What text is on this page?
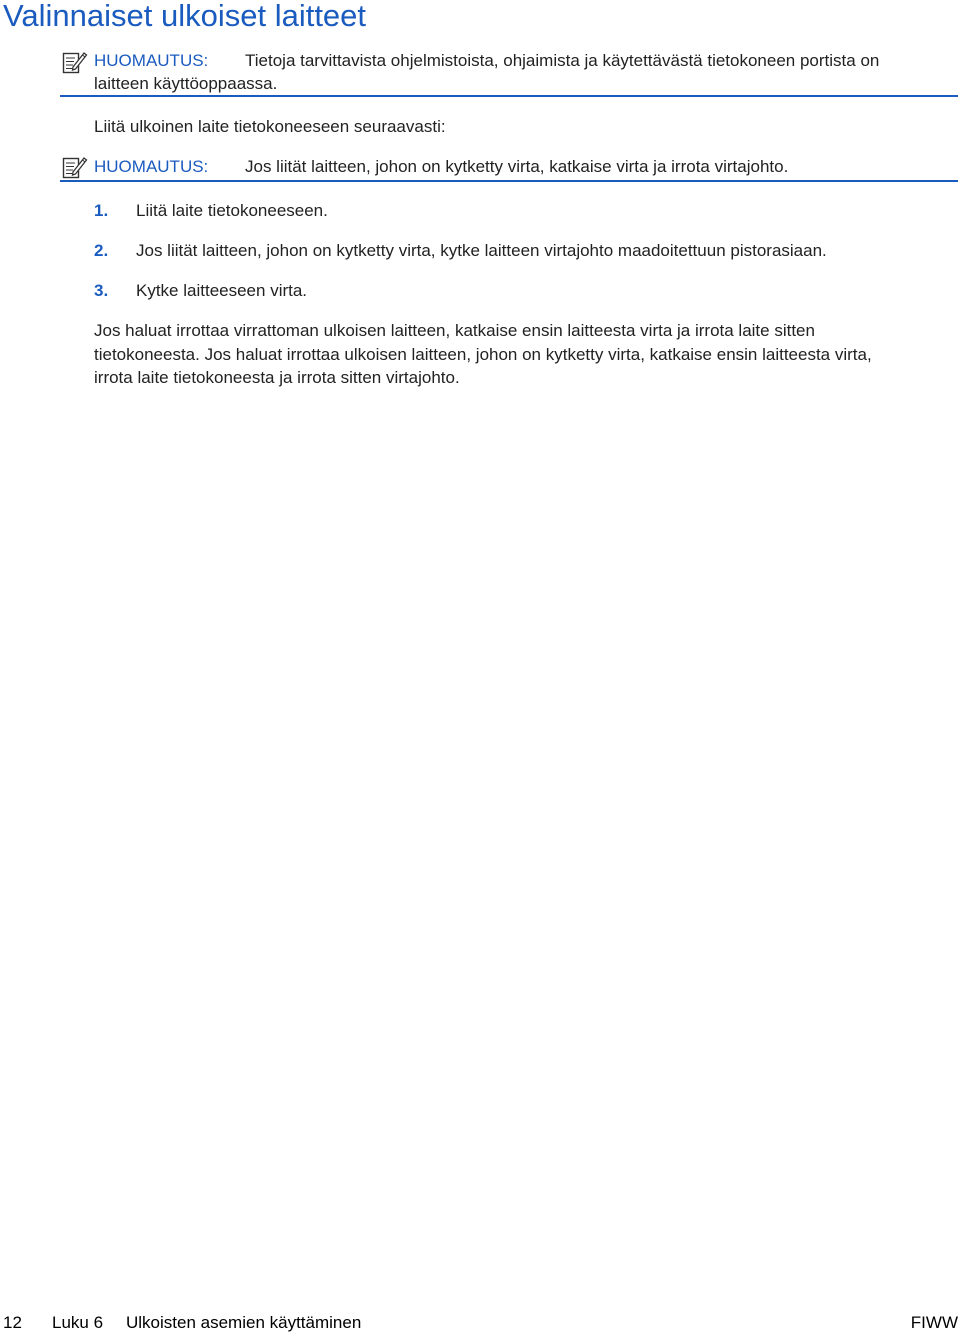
Valinnaiset ulkoiset laitteet
HUOMAUTUS: Tietoja tarvittavista ohjelmistoista, ohjaimista ja käytettävästä tietokoneen portista on
laitteen käyttöoppaassa.

Liitä ulkoinen laite tietokoneeseen seuraavasti:

HUOMAUTUS: Jos liität laitteen, johon on kytketty virta, katkaise virta ja irrota virtajohto.
1. Liitä laite tietokoneeseen.
2. Jos liität laitteen, johon on kytketty virta, kytke laitteen virtajohto maadoitettuun pistorasiaan.
3. Kytke laitteeseen virta.
Jos haluat irrottaa virrattoman ulkoisen laitteen, katkaise ensin laitteesta virta ja irrota laite sitten
tietokoneesta. Jos haluat irrottaa ulkoisen laitteen, johon on kytketty virta, katkaise ensin laitteesta virta,
irrota laite tietokoneesta ja irrota sitten virtajohto.
12 Luku 6 Ulkoisten asemien käyttäminen	FIWW
